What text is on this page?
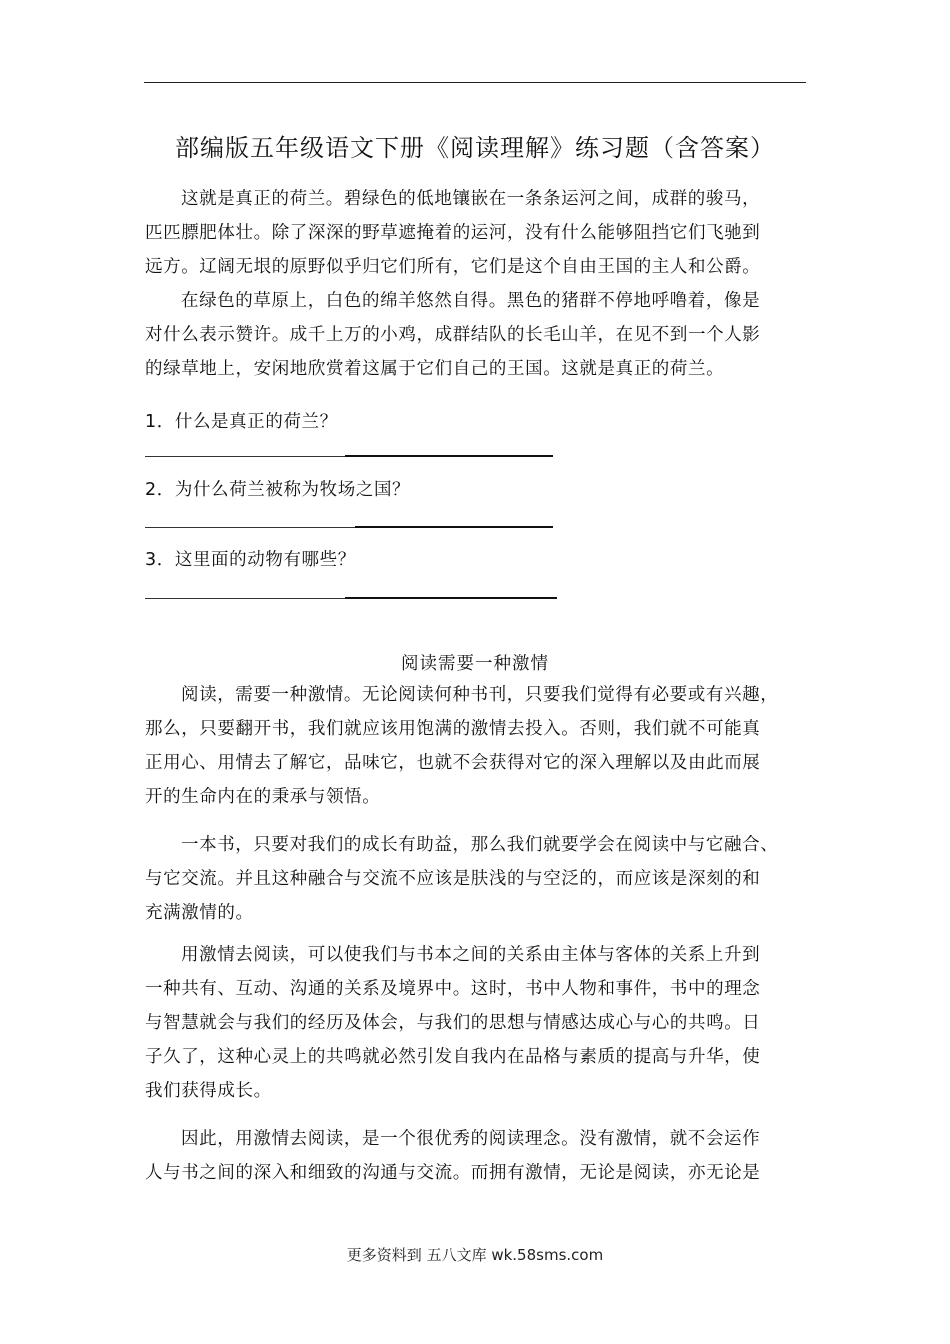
部编版五年级语文下册《阅读理解》练习题（含答案）
这就是真正的荷兰。碧绿色的低地镶嵌在一条条运河之间，成群的骏马，
匹匹膘肥体壮。除了深深的野草遮掩着的运河，没有什么能够阻挡它们飞驰到
远方。辽阔无垠的原野似乎归它们所有，它们是这个自由王国的主人和公爵。
在绿色的草原上，白色的绵羊悠然自得。黑色的猪群不停地呼噜着，像是
对什么表示赞许。成千上万的小鸡，成群结队的长毛山羊，在见不到一个人影
的绿草地上，安闲地欣赏着这属于它们自己的王国。这就是真正的荷兰。
1．什么是真正的荷兰？
2．为什么荷兰被称为牧场之国？
3．这里面的动物有哪些？
阅读需要一种激情
阅读，需要一种激情。无论阅读何种书刊，只要我们觉得有必要或有兴趣，
那么，只要翻开书，我们就应该用饱满的激情去投入。否则，我们就不可能真
正用心、用情去了解它，品味它，也就不会获得对它的深入理解以及由此而展
开的生命内在的秉承与领悟。
一本书，只要对我们的成长有助益，那么我们就要学会在阅读中与它融合、
与它交流。并且这种融合与交流不应该是肤浅的与空泛的，而应该是深刻的和
充满激情的。
用激情去阅读，可以使我们与书本之间的关系由主体与客体的关系上升到
一种共有、互动、沟通的关系及境界中。这时，书中人物和事件，书中的理念
与智慧就会与我们的经历及体会，与我们的思想与情感达成心与心的共鸣。日
子久了，这种心灵上的共鸣就必然引发自我内在品格与素质的提高与升华，使
我们获得成长。
因此，用激情去阅读，是一个很优秀的阅读理念。没有激情，就不会运作
人与书之间的深入和细致的沟通与交流。而拥有激情，无论是阅读，亦无论是
更多资料到 五八文库 wk.58sms.com
